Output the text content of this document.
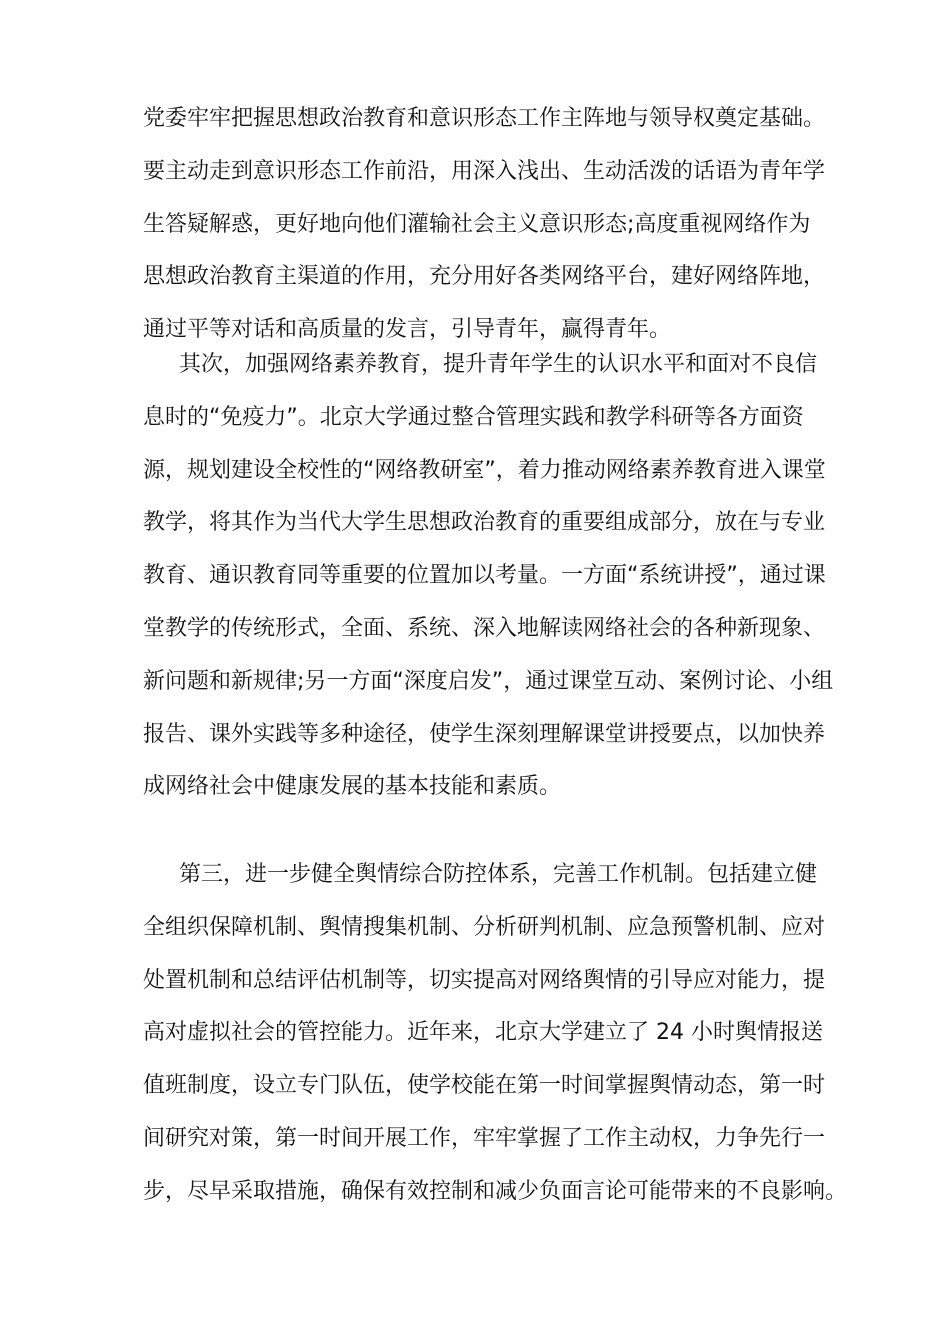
党委牢牢把握思想政治教育和意识形态工作主阵地与领导权奠定基础。
要主动走到意识形态工作前沿，用深入浅出、生动活泼的话语为青年学
生答疑解惑，更好地向他们灌输社会主义意识形态;高度重视网络作为
思想政治教育主渠道的作用，充分用好各类网络平台，建好网络阵地，
通过平等对话和高质量的发言，引导青年，赢得青年。
其次，加强网络素养教育，提升青年学生的认识水平和面对不良信
息时的“免疫力”。北京大学通过整合管理实践和教学科研等各方面资
源，规划建设全校性的“网络教研室”，着力推动网络素养教育进入课堂
教学，将其作为当代大学生思想政治教育的重要组成部分，放在与专业
教育、通识教育同等重要的位置加以考量。一方面“系统讲授”，通过课
堂教学的传统形式，全面、系统、深入地解读网络社会的各种新现象、
新问题和新规律;另一方面“深度启发”，通过课堂互动、案例讨论、小组
报告、课外实践等多种途径，使学生深刻理解课堂讲授要点，以加快养
成网络社会中健康发展的基本技能和素质。
第三，进一步健全舆情综合防控体系，完善工作机制。包括建立健
全组织保障机制、舆情搜集机制、分析研判机制、应急预警机制、应对
处置机制和总结评估机制等，切实提高对网络舆情的引导应对能力，提
高对虚拟社会的管控能力。近年来，北京大学建立了 24 小时舆情报送
值班制度，设立专门队伍，使学校能在第一时间掌握舆情动态，第一时
间研究对策，第一时间开展工作，牢牢掌握了工作主动权，力争先行一
步，尽早采取措施，确保有效控制和减少负面言论可能带来的不良影响。
